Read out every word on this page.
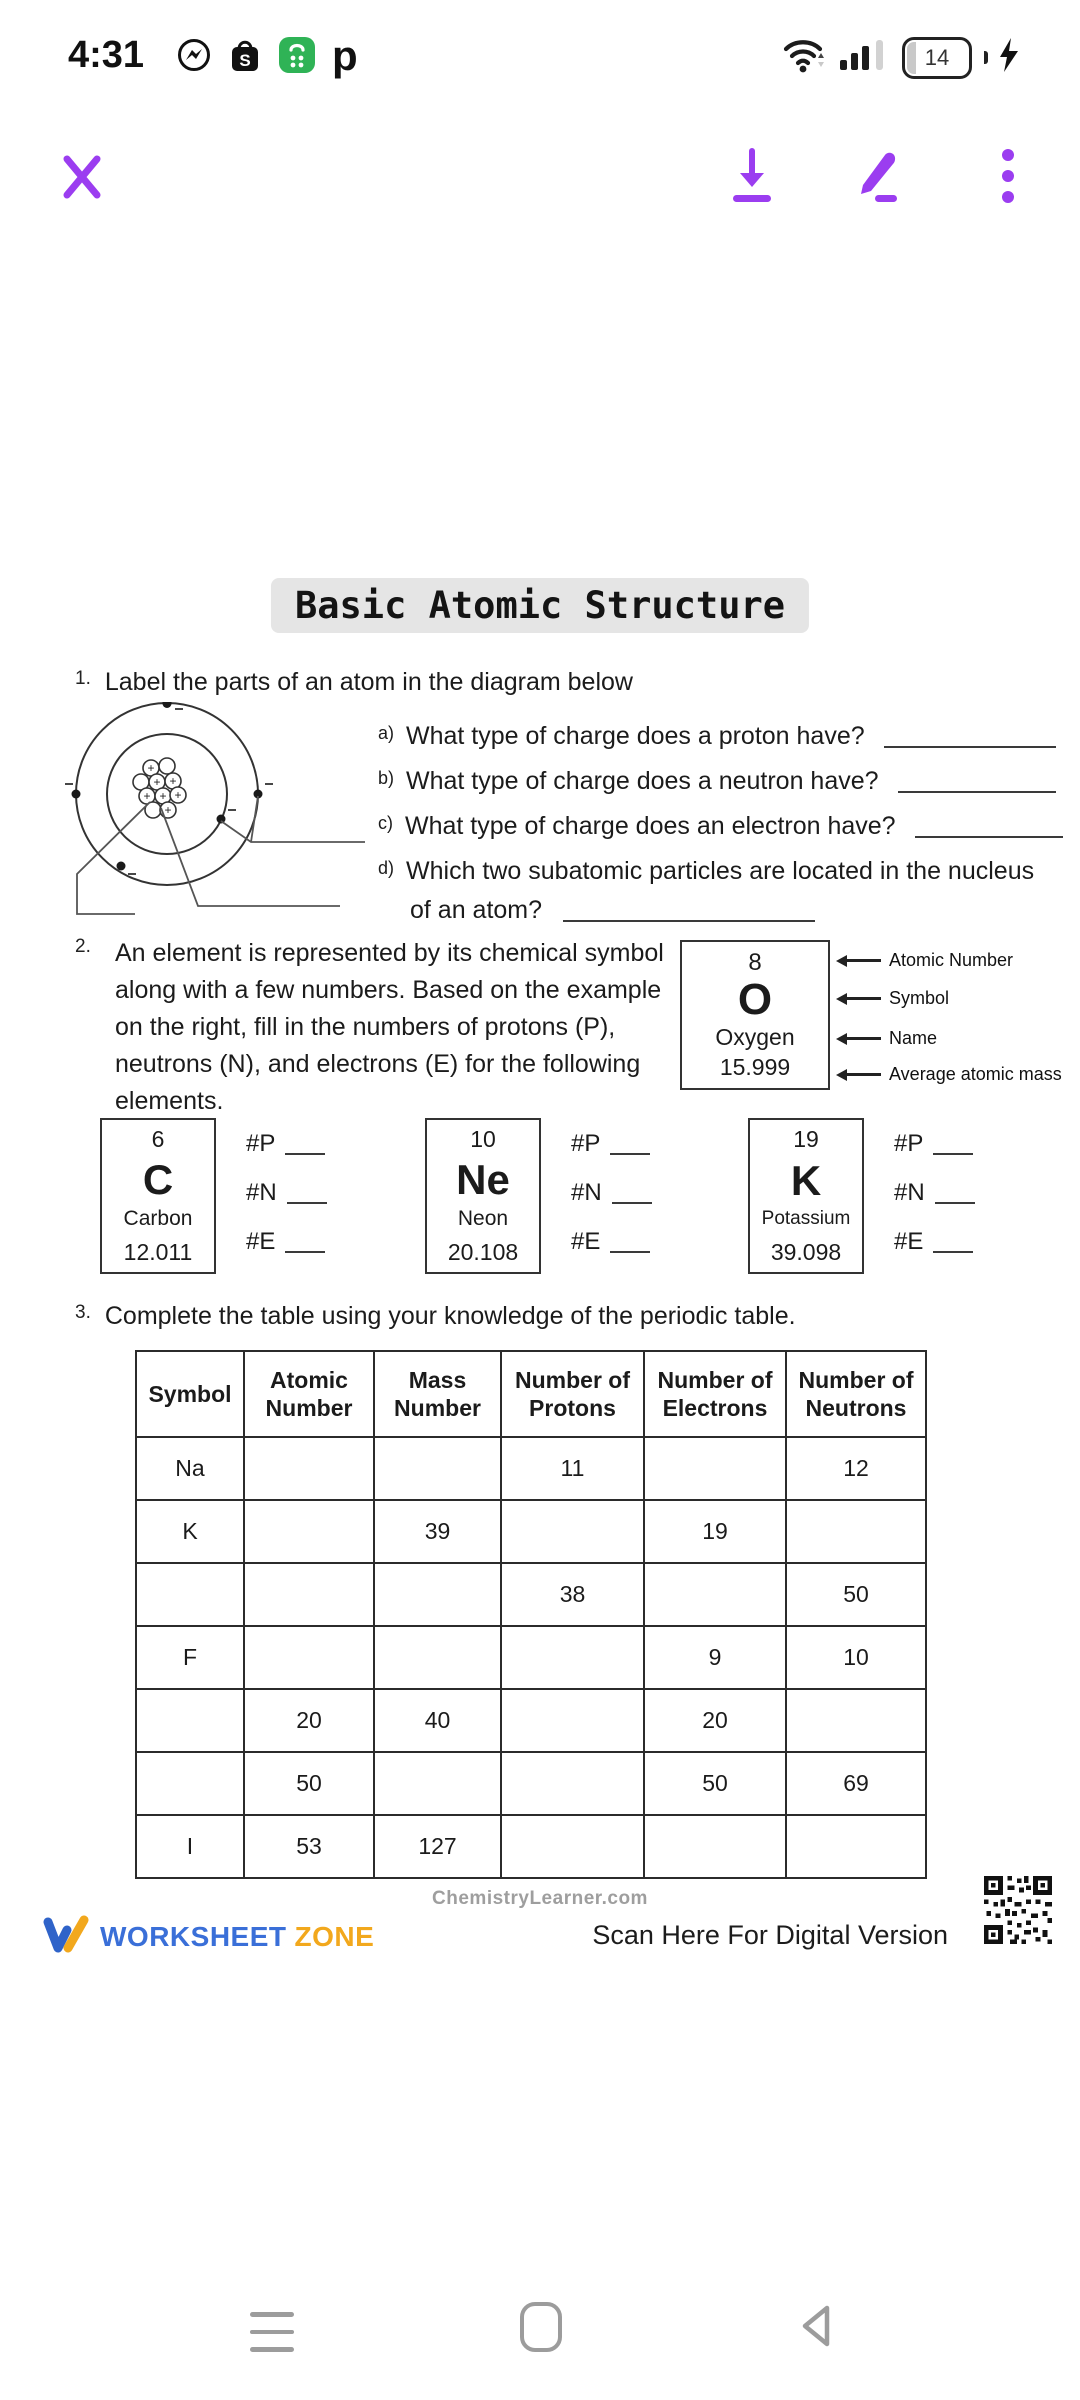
4:31	S p	14
Basic Atomic Structure
$^{1.}$ Label the parts of an atom in the diagram below
+
+ +
+ + +
+
$^{a)}$ What type of charge does a proton have?
$^{b)}$ What type of charge does a neutron have?
$^{c)}$ What type of charge does an electron have?
$^{d)}$ Which two subatomic particles are located in the nucleus
of an atom?
$^{2.}$ An element is represented by its chemical symbol
along with a few numbers. Based on the example
on the right, fill in the numbers of protons (P),
neutrons (N), and electrons (E) for the following
elements.
8
O
Oxygen
15.999
Atomic Number
Symbol
Name
Average atomic mass
6
C
Carbon
12.011
#P
#N
#E
10
Ne
Neon
20.108
#P
#N
#E
19
K
Potassium
39.098
#P
#N
#E
$^{3.}$ Complete the table using your knowledge of the periodic table.
Symbol	Atomic Number	Mass Number	Number of Protons	Number of Electrons	Number of Neutrons
Na			11		12
K		39		19	
			38		50
F				9	10
	20	40		20	
	50			50	69
I	53	127			
ChemistryLearner.com
WORKSHEET ZONE	Scan Here For Digital Version
